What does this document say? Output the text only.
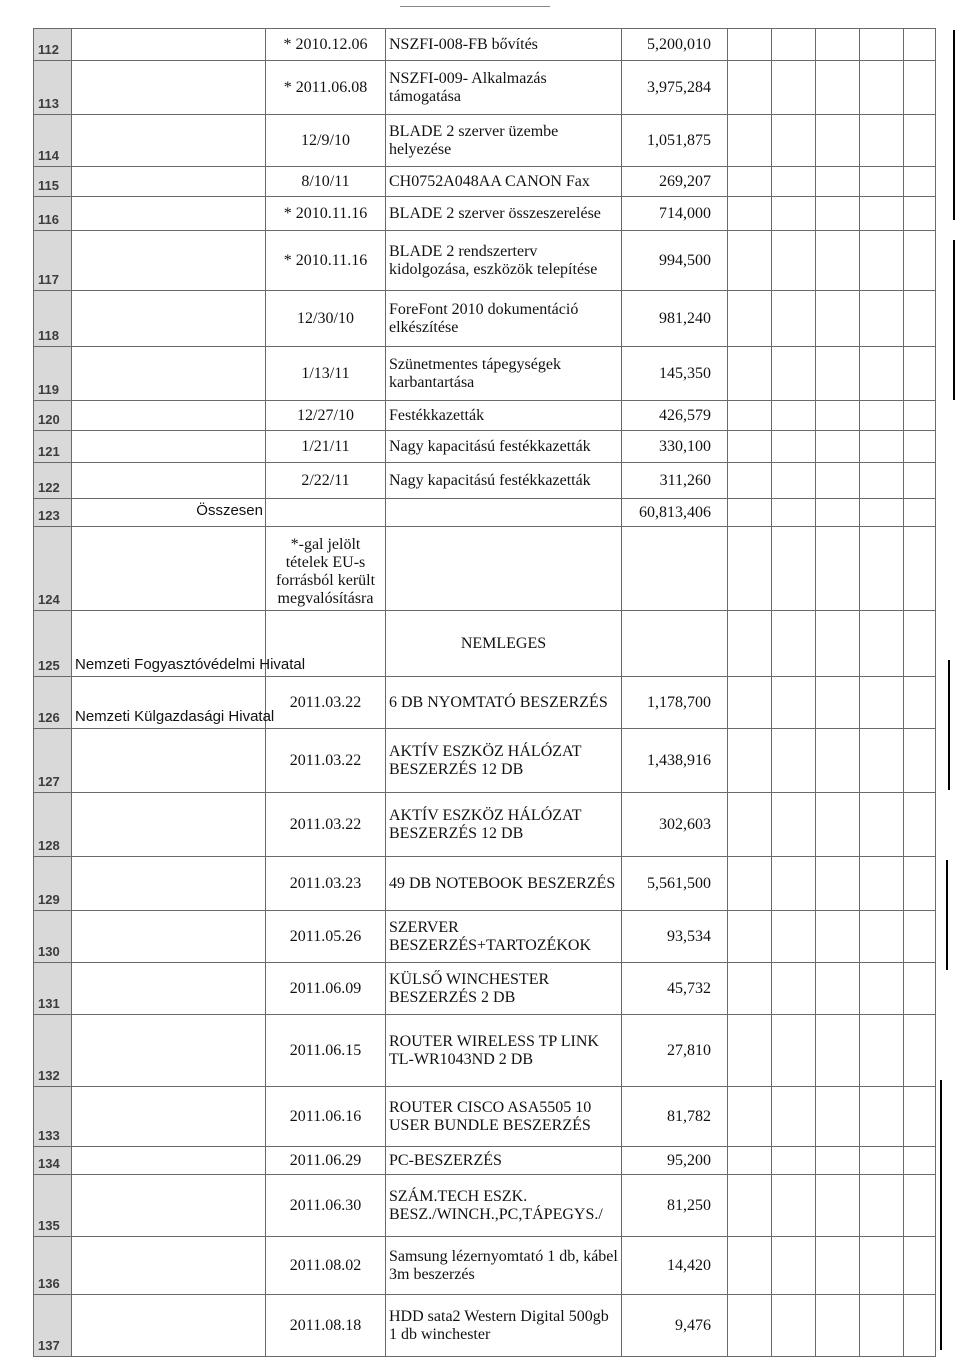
112		* 2010.12.06	NSZFI-008-FB bővítés	5,200,010					
113		* 2011.06.08	NSZFI-009- Alkalmazás támogatása	3,975,284					
114		12/9/10	BLADE 2 szerver üzembe helyezése	1,051,875					
115		8/10/11	CH0752A048AA CANON Fax	269,207					
116		* 2010.11.16	BLADE 2 szerver összeszerelése	714,000					
117		* 2010.11.16	BLADE 2 rendszerterv kidolgozása, eszközök telepítése	994,500					
118		12/30/10	ForeFont 2010 dokumentáció elkészítése	981,240					
119		1/13/11	Szünetmentes tápegységek karbantartása	145,350					
120		12/27/10	Festékkazetták	426,579					
121		1/21/11	Nagy kapacitású festékkazetták	330,100					
122		2/22/11	Nagy kapacitású festékkazetták	311,260					
123	Összesen			60,813,406					
124		*-gal jelölt tételek EU-s forrásból került megvalósításra							
125	Nemzeti Fogyasztóvédelmi Hivatal		NEMLEGES						
126	Nemzeti Külgazdasági Hivatal	2011.03.22	6 DB NYOMTATÓ BESZERZÉS	1,178,700					
127		2011.03.22	AKTÍV ESZKÖZ HÁLÓZAT BESZERZÉS 12 DB	1,438,916					
128		2011.03.22	AKTÍV ESZKÖZ HÁLÓZAT BESZERZÉS 12 DB	302,603					
129		2011.03.23	49 DB NOTEBOOK BESZERZÉS	5,561,500					
130		2011.05.26	SZERVER BESZERZÉS+TARTOZÉKOK	93,534					
131		2011.06.09	KÜLSŐ WINCHESTER BESZERZÉS 2 DB	45,732					
132		2011.06.15	ROUTER WIRELESS TP LINK TL-WR1043ND 2 DB	27,810					
133		2011.06.16	ROUTER CISCO ASA5505 10 USER BUNDLE BESZERZÉS	81,782					
134		2011.06.29	PC-BESZERZÉS	95,200					
135		2011.06.30	SZÁM.TECH ESZK. BESZ./WINCH.,PC,TÁPEGYS./	81,250					
136		2011.08.02	Samsung lézernyomtató 1 db, kábel 3m beszerzés	14,420					
137		2011.08.18	HDD sata2 Western Digital 500gb 1 db winchester	9,476					
